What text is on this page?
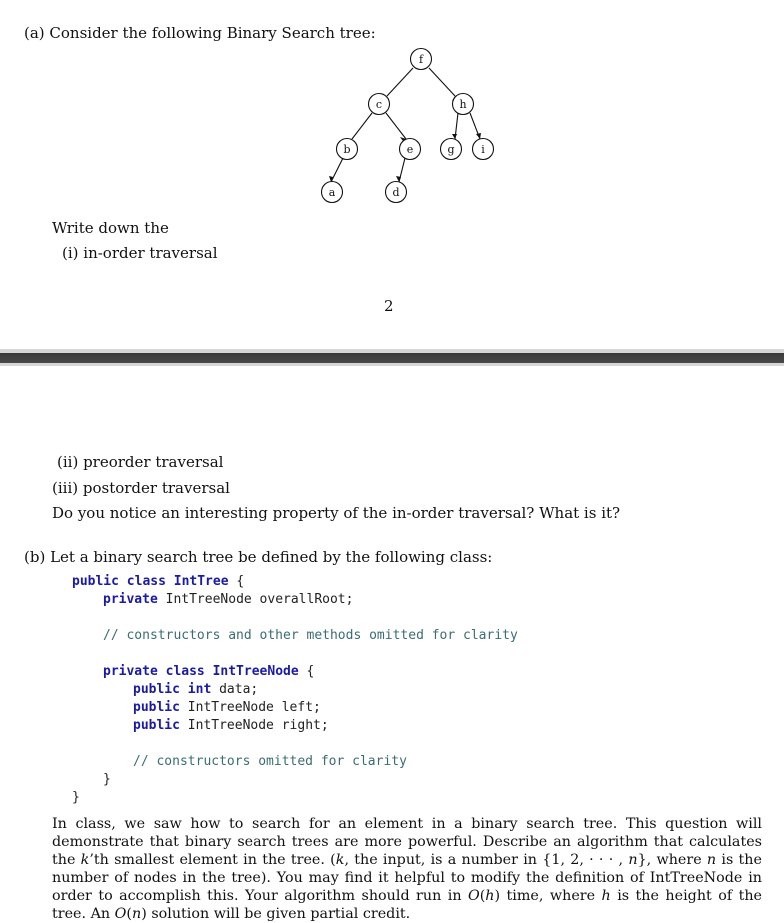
(a) Consider the following Binary Search tree:
f
c	h
b	e	g i
a	d
Write down the
(i) in-order traversal
2
(ii) preorder traversal
(iii) postorder traversal
Do you notice an interesting property of the in-order traversal? What is it?
(b) Let a binary search tree be defined by the following class:
public class IntTree {
private IntTreeNode overallRoot;
// constructors and other methods omitted for clarity
private class IntTreeNode {
public int data;
public IntTreeNode left;
public IntTreeNode right;
// constructors omitted for clarity
}
}
In class, we saw how to search for an element in a binary search tree. This question will demonstrate that binary search trees are more powerful. Describe an algorithm that calculates the k’th smallest element in the tree. (k, the input, is a number in {1, 2, · · · , n}, where n is the number of nodes in the tree). You may find it helpful to modify the definition of IntTreeNode in order to accomplish this. Your algorithm should run in O(h) time, where h is the height of the tree. An O(n) solution will be given partial credit.
